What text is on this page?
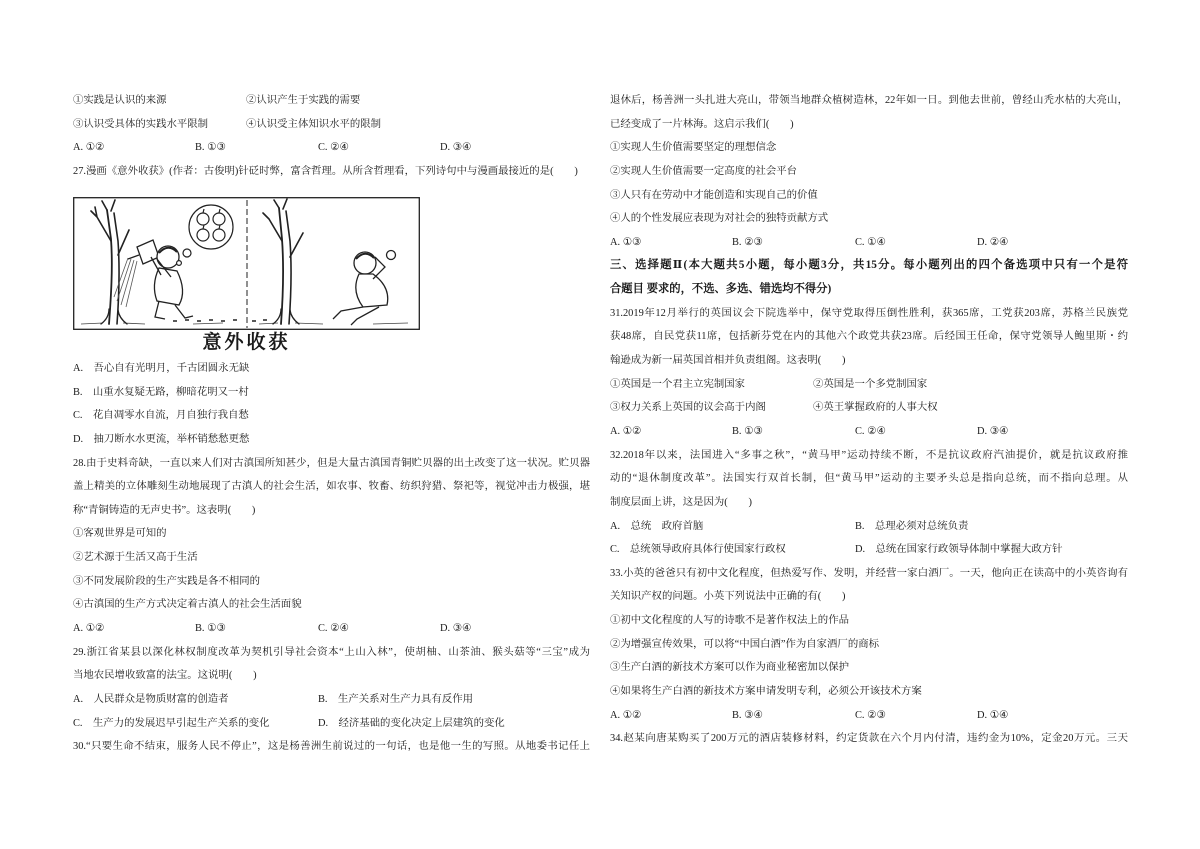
①实践是认识的来源	②认识产生于实践的需要
③认识受具体的实践水平限制	④认识受主体知识水平的限制
A. ①②	B. ①③	C. ②④	D. ③④
27.漫画《意外收获》(作者：古俊明)针砭时弊，富含哲理。从所含哲理看，下列诗句中与漫画最接近的是(　　)
意外收获
A.　吾心自有光明月，千古团圆永无缺
B.　山重水复疑无路，柳暗花明又一村
C.　花自凋零水自流，月自独行我自愁
D.　抽刀断水水更流，举杯销愁愁更愁
28.由于史料奇缺，一直以来人们对古滇国所知甚少，但是大量古滇国青铜贮贝器的出土改变了这一状况。贮贝器
盖上精美的立体雕刻生动地展现了古滇人的社会生活，如农事、牧畜、纺织狩猎、祭祀等，视觉冲击力极强，堪
称“青铜铸造的无声史书”。这表明(　　)
①客观世界是可知的
②艺术源于生活又高于生活
③不同发展阶段的生产实践是各不相同的
④古滇国的生产方式决定着古滇人的社会生活面貌
A. ①②	B. ①③	C. ②④	D. ③④
29.浙江省某县以深化林权制度改革为契机引导社会资本“上山入林”，使胡柚、山茶油、猴头菇等“三宝”成为
当地农民增收致富的法宝。这说明(　　)
A.　人民群众是物质财富的创造者	B.　生产关系对生产力具有反作用
C.　生产力的发展迟早引起生产关系的变化	D.　经济基础的变化决定上层建筑的变化
30.“只要生命不结束，服务人民不停止”，这是杨善洲生前说过的一句话，也是他一生的写照。从地委书记任上
退休后，杨善洲一头扎进大亮山，带领当地群众植树造林，22年如一日。到他去世前，曾经山秃水枯的大亮山，
已经变成了一片林海。这启示我们(　　)
①实现人生价值需要坚定的理想信念
②实现人生价值需要一定高度的社会平台
③人只有在劳动中才能创造和实现自己的价值
④人的个性发展应表现为对社会的独特贡献方式
A. ①③	B. ②③	C. ①④	D. ②④
三、选择题Ⅱ(本大题共5小题，每小题3分，共15分。每小题列出的四个备选项中只有一个是符
合题目 要求的，不选、多选、错选均不得分)
31.2019年12月举行的英国议会下院选举中，保守党取得压倒性胜利，获365席，工党获203席，苏格兰民族党
获48席，自民党获11席，包括新芬党在内的其他六个政党共获23席。后经国王任命，保守党领导人鲍里斯・约
翰逊成为新一届英国首相并负责组阁。这表明(　　)
①英国是一个君主立宪制国家	②英国是一个多党制国家
③权力关系上英国的议会高于内阁	④英王掌握政府的人事大权
A. ①②	B. ①③	C. ②④	D. ③④
32.2018年以来，法国进入“多事之秋”，“黄马甲”运动持续不断，不是抗议政府汽油提价，就是抗议政府推
动的“退休制度改革”。法国实行双首长制，但“黄马甲”运动的主要矛头总是指向总统，而不指向总理。从
制度层面上讲，这是因为(　　)
A.　总统　政府首脑	B.　总理必须对总统负责
C.　总统领导政府具体行使国家行政权	D.　总统在国家行政领导体制中掌握大政方针
33.小英的爸爸只有初中文化程度，但热爱写作、发明，并经营一家白酒厂。一天，他向正在读高中的小英咨询有
关知识产权的问题。小英下列说法中正确的有(　　)
①初中文化程度的人写的诗歌不是著作权法上的作品
②为增强宣传效果，可以将“中国白酒”作为自家酒厂的商标
③生产白酒的新技术方案可以作为商业秘密加以保护
④如果将生产白酒的新技术方案申请发明专利，必须公开该技术方案
A. ①②	B. ③④	C. ②③	D. ①④
34.赵某向唐某购买了200万元的酒店装修材料，约定货款在六个月内付清，违约金为10%，定金20万元。三天
